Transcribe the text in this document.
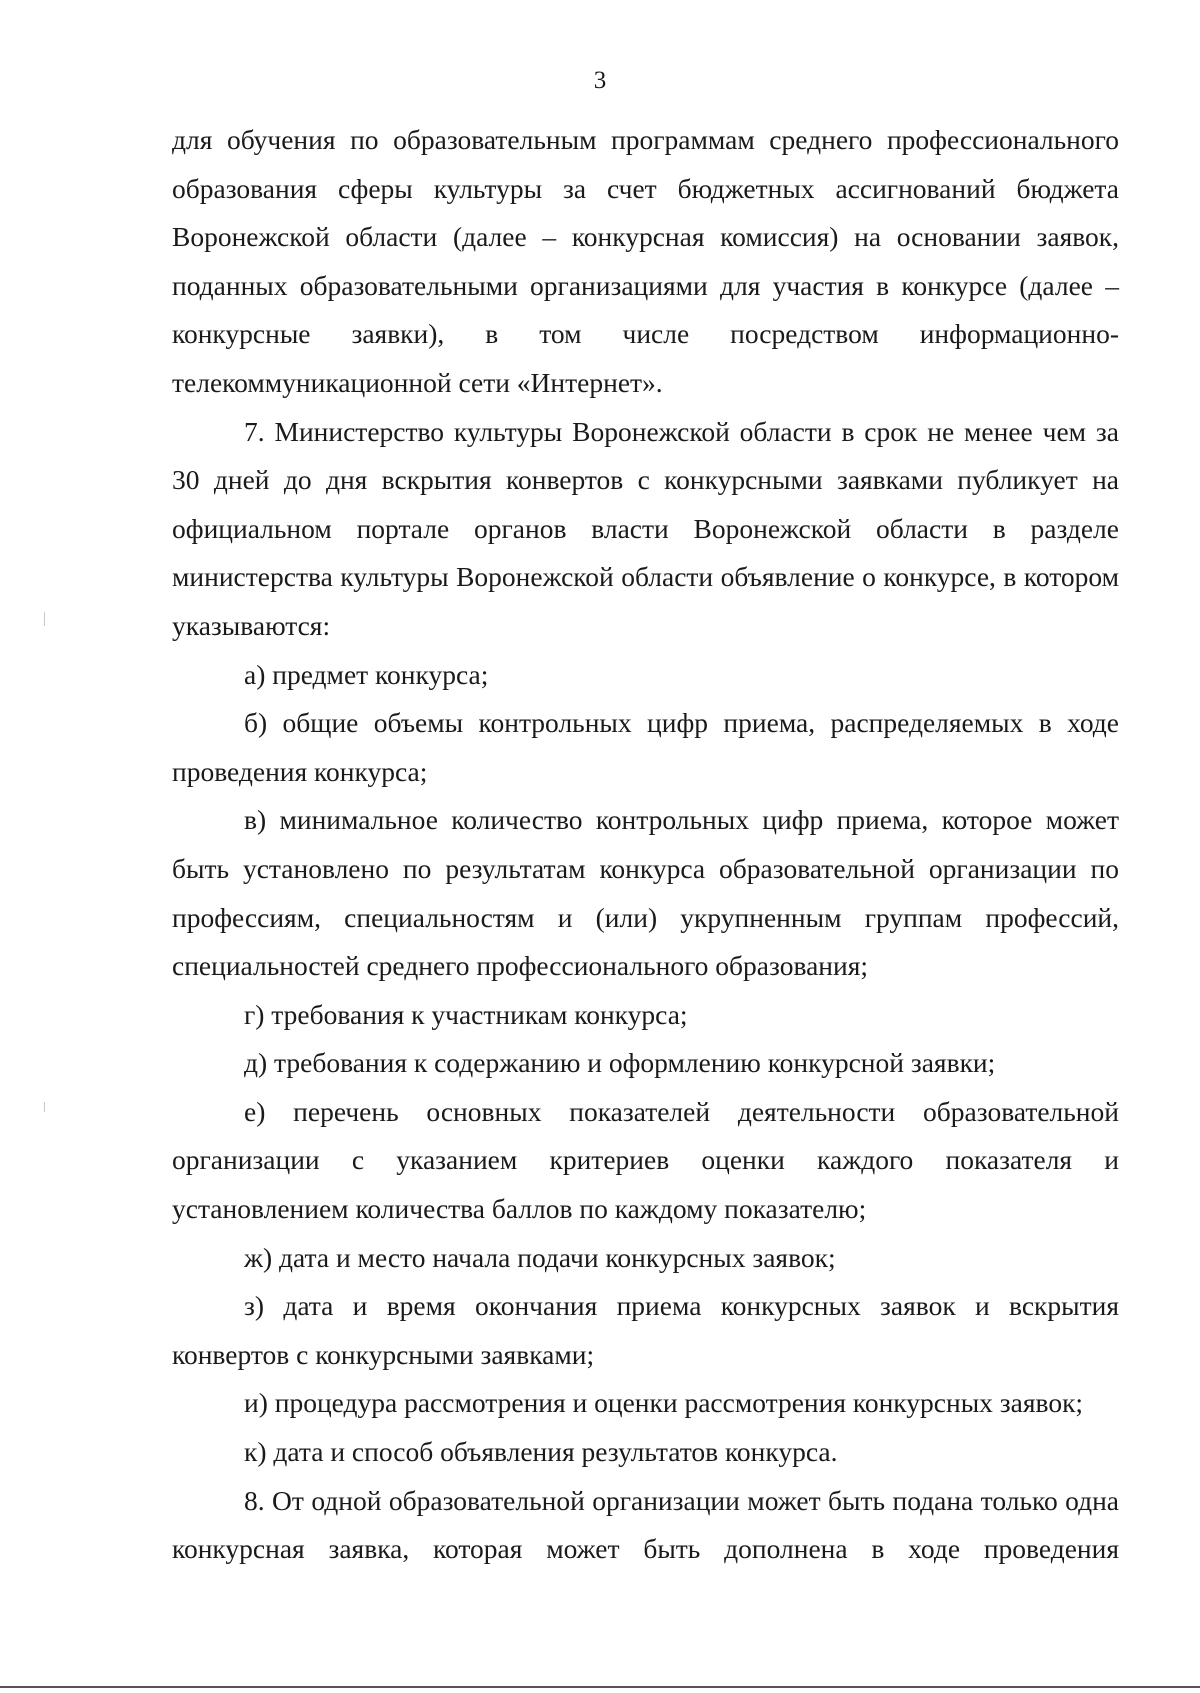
3

для обучения по образовательным программам среднего профессионального образования сферы культуры за счет бюджетных ассигнований бюджета Воронежской области (далее – конкурсная комиссия) на основании заявок, поданных образовательными организациями для участия в конкурсе (далее – конкурсные заявки), в том числе посредством информационно-телекоммуникационной сети «Интернет».

7. Министерство культуры Воронежской области в срок не менее чем за 30 дней до дня вскрытия конвертов с конкурсными заявками публикует на официальном портале органов власти Воронежской области в разделе министерства культуры Воронежской области объявление о конкурсе, в котором указываются:

а) предмет конкурса;

б) общие объемы контрольных цифр приема, распределяемых в ходе проведения конкурса;

в) минимальное количество контрольных цифр приема, которое может быть установлено по результатам конкурса образовательной организации по профессиям, специальностям и (или) укрупненным группам профессий, специальностей среднего профессионального образования;

г) требования к участникам конкурса;

д) требования к содержанию и оформлению конкурсной заявки;

е) перечень основных показателей деятельности образовательной организации с указанием критериев оценки каждого показателя и установлением количества баллов по каждому показателю;

ж) дата и место начала подачи конкурсных заявок;

з) дата и время окончания приема конкурсных заявок и вскрытия конвертов с конкурсными заявками;

и) процедура рассмотрения и оценки рассмотрения конкурсных заявок;

к) дата и способ объявления результатов конкурса.

8. От одной образовательной организации может быть подана только одна конкурсная заявка, которая может быть дополнена в ходе проведения
